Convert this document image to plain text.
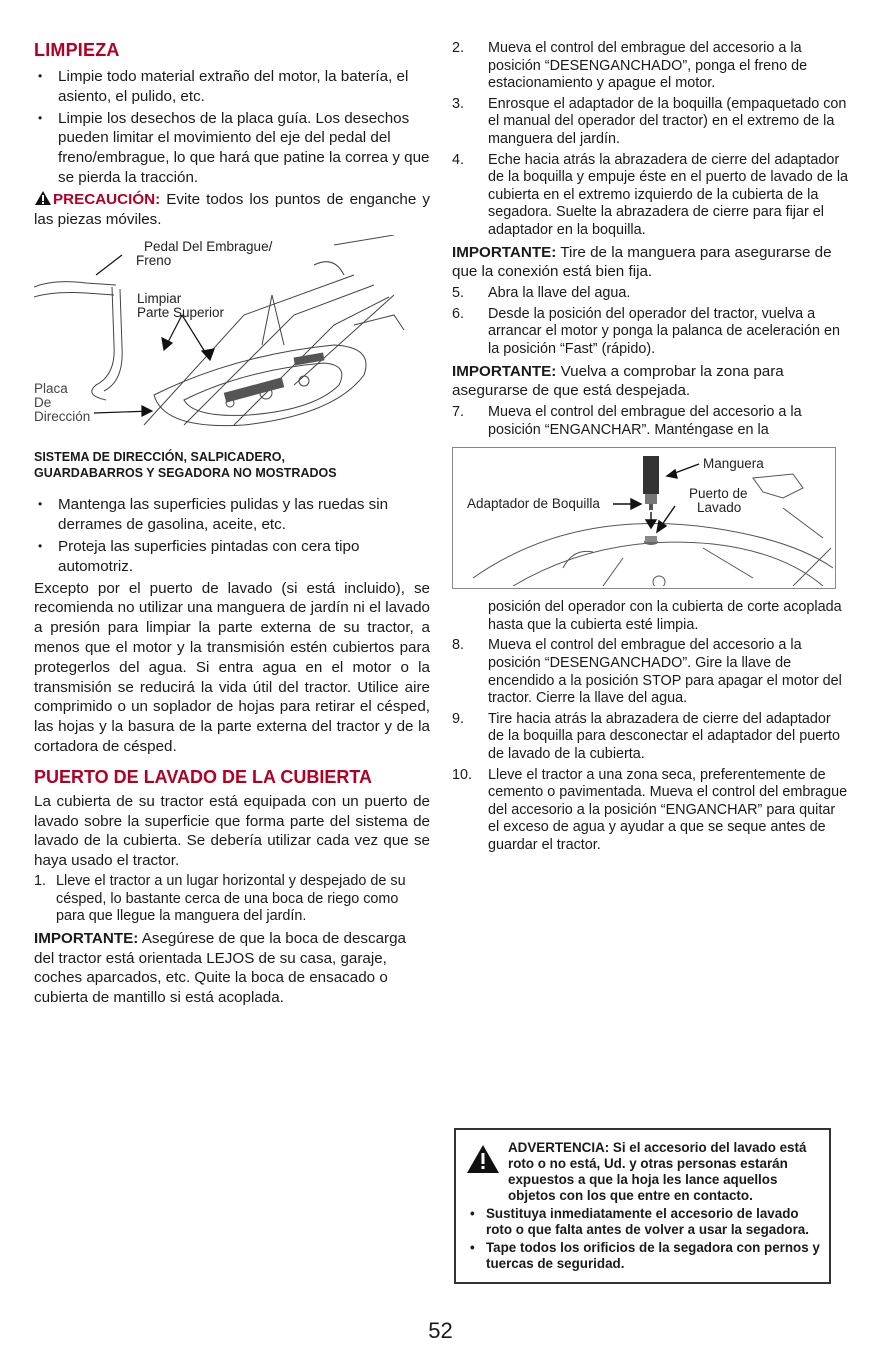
LIMPIEZA
• Limpie todo material extraño del motor, la batería, el asiento, el pulido, etc.
• Limpie los desechos de la placa guía. Los desechos pueden limitar el movimiento del eje del pedal del freno/embrague, lo que hará que patine la correa y que se pierda la tracción.

PRECAUCIÓN: Evite todos los puntos de enganche y las piezas móviles.

Pedal Del Embrague/
Freno
Limpiar
Parte Superior
Placa
De
Dirección
SISTEMA DE DIRECCIÓN, SALPICADERO,
GUARDABARROS Y SEGADORA NO MOSTRADOS
• Mantenga las superficies pulidas y las ruedas sin derrames de gasolina, aceite, etc.
• Proteja las superficies pintadas con cera tipo automotriz.

Excepto por el puerto de lavado (si está incluido), se recomienda no utilizar una manguera de jardín ni el lavado a presión para limpiar la parte externa de su tractor, a menos que el motor y la transmisión estén cubiertos para protegerlos del agua. Si entra agua en el motor o la transmisión se reducirá la vida útil del tractor. Utilice aire comprimido o un soplador de hojas para retirar el césped, las hojas y la basura de la parte externa del tractor y de la cortadora de césped.

PUERTO DE LAVADO DE LA CUBIERTA

La cubierta de su tractor está equipada con un puerto de lavado sobre la superficie que forma parte del sistema de lavado de la cubierta. Se debería utilizar cada vez que se haya usado el tractor.

1. Lleve el tractor a un lugar horizontal y despejado de su césped, lo bastante cerca de una boca de riego como para que llegue la manguera del jardín.

IMPORTANTE: Asegúrese de que la boca de descarga del tractor está orientada LEJOS de su casa, garaje, coches aparcados, etc. Quite la boca de ensacado o cubierta de mantillo si está acoplada.

2. Mueva el control del embrague del accesorio a la posición “DESENGANCHADO”, ponga el freno de estacionamiento y apague el motor.
3. Enrosque el adaptador de la boquilla (empaquetado con el manual del operador del tractor) en el extremo de la manguera del jardín.
4. Eche hacia atrás la abrazadera de cierre del adaptador de la boquilla y empuje éste en el puerto de lavado de la cubierta en el extremo izquierdo de la cubierta de la segadora. Suelte la abrazadera de cierre para fijar el adaptador en la boquilla.

IMPORTANTE: Tire de la manguera para asegurarse de que la conexión está bien fija.

5. Abra la llave del agua.
6. Desde la posición del operador del tractor, vuelva a arrancar el motor y ponga la palanca de aceleración en la posición “Fast” (rápido).

IMPORTANTE: Vuelva a comprobar la zona para asegurarse de que está despejada.

7. Mueva el control del embrague del accesorio a la posición “ENGANCHAR”. Manténgase en la
Manguera
Adaptador de Boquilla
Puerto de
Lavado

posición del operador con la cubierta de corte acoplada hasta que la cubierta esté limpia.

8. Mueva el control del embrague del accesorio a la posición “DESENGANCHADO”. Gire la llave de encendido a la posición STOP para apagar el motor del tractor. Cierre la llave del agua.
9. Tire hacia atrás la abrazadera de cierre del adaptador de la boquilla para desconectar el adaptador del puerto de lavado de la cubierta.
10. Lleve el tractor a una zona seca, preferentemente de cemento o pavimentada. Mueva el control del embrague del accesorio a la posición “ENGANCHAR” para quitar el exceso de agua y ayudar a que se seque antes de guardar el tractor.
ADVERTENCIA: Si el accesorio del lavado está roto o no está, Ud. y otras personas estarán expuestos a que la hoja les lance aquellos objetos con los que entre en contacto.
• Sustituya inmediatamente el accesorio de lavado roto o que falta antes de volver a usar la segadora.
• Tape todos los orificios de la segadora con pernos y tuercas de seguridad.
52
